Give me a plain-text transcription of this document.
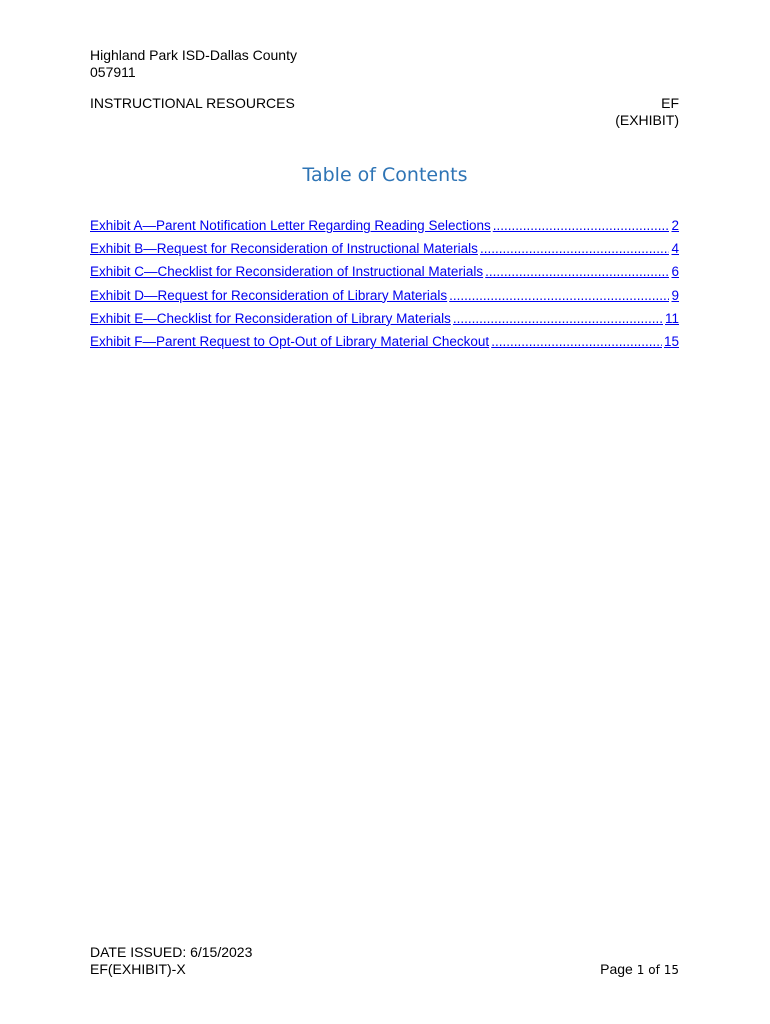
Highland Park ISD-Dallas County
057911
INSTRUCTIONAL RESOURCES	EF
(EXHIBIT)
Table of Contents
Exhibit A—Parent Notification Letter Regarding Reading Selections .....	2
Exhibit B—Request for Reconsideration of Instructional Materials .....	4
Exhibit C—Checklist for Reconsideration of Instructional Materials .....	6
Exhibit D—Request for Reconsideration of Library Materials .....	9
Exhibit E—Checklist for Reconsideration of Library Materials .....	11
Exhibit F—Parent Request to Opt-Out of Library Material Checkout .....	15
DATE ISSUED: 6/15/2023
EF(EXHIBIT)-X	Page 1 of 15
